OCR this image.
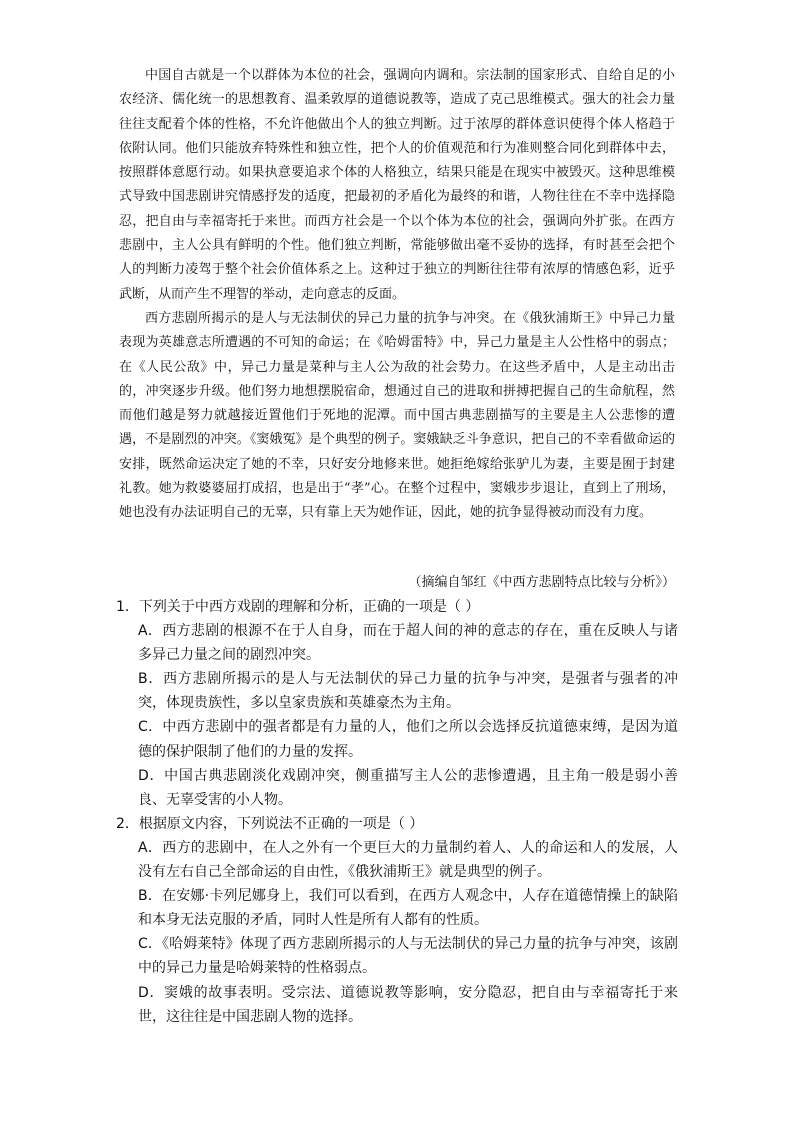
中国自古就是一个以群体为本位的社会，强调向内调和。宗法制的国家形式、自给自足的小农经济、儒化统一的思想教育、温柔敦厚的道德说教等，造成了克己思维模式。强大的社会力量往往支配着个体的性格，不允许他做出个人的独立判断。过于浓厚的群体意识使得个体人格趋于依附认同。他们只能放弃特殊性和独立性，把个人的价值观范和行为准则整合同化到群体中去，按照群体意愿行动。如果执意要追求个体的人格独立，结果只能是在现实中被毁灭。这种思维模式导致中国悲剧讲究情感抒发的适度，把最初的矛盾化为最终的和谐，人物往往在不幸中选择隐忍，把自由与幸福寄托于来世。而西方社会是一个以个体为本位的社会，强调向外扩张。在西方悲剧中，主人公具有鲜明的个性。他们独立判断，常能够做出毫不妥协的选择，有时甚至会把个人的判断力凌驾于整个社会价值体系之上。这种过于独立的判断往往带有浓厚的情感色彩，近乎武断，从而产生不理智的举动，走向意志的反面。

西方悲剧所揭示的是人与无法制伏的异己力量的抗争与冲突。在《俄狄浦斯王》中异己力量表现为英雄意志所遭遇的不可知的命运；在《哈姆雷特》中，异己力量是主人公性格中的弱点；在《人民公敌》中，异己力量是菜种与主人公为敌的社会势力。在这些矛盾中，人是主动出击的，冲突逐步升级。他们努力地想摆脱宿命，想通过自己的进取和拼搏把握自己的生命航程，然而他们越是努力就越接近置他们于死地的泥潭。而中国古典悲剧描写的主要是主人公悲惨的遭遇，不是剧烈的冲突。《窦娥冤》是个典型的例子。窦娥缺乏斗争意识，把自己的不幸看做命运的安排，既然命运决定了她的不幸，只好安分地修来世。她拒绝嫁给张驴儿为妻，主要是囿于封建礼教。她为救婆婆屈打成招，也是出于“孝”心。在整个过程中，窦娥步步退让，直到上了刑场，她也没有办法证明自己的无辜，只有靠上天为她作证，因此，她的抗争显得被动而没有力度。

（摘编自邹红《中西方悲剧特点比较与分析》）

1．下列关于中西方戏剧的理解和分析，正确的一项是（ ）

A．西方悲剧的根源不在于人自身，而在于超人间的神的意志的存在，重在反映人与诸多异己力量之间的剧烈冲突。

B．西方悲剧所揭示的是人与无法制伏的异己力量的抗争与冲突，是强者与强者的冲突，体现贵族性，多以皇家贵族和英雄豪杰为主角。

C．中西方悲剧中的强者都是有力量的人，他们之所以会选择反抗道德束缚，是因为道德的保护限制了他们的力量的发挥。

D．中国古典悲剧淡化戏剧冲突，侧重描写主人公的悲惨遭遇，且主角一般是弱小善良、无辜受害的小人物。

2．根据原文内容，下列说法不正确的一项是（ ）

A．西方的悲剧中，在人之外有一个更巨大的力量制约着人、人的命运和人的发展，人没有左右自己全部命运的自由性，《俄狄浦斯王》就是典型的例子。

B．在安娜·卡列尼娜身上，我们可以看到，在西方人观念中，人存在道德情操上的缺陷和本身无法克服的矛盾，同时人性是所有人都有的性质。

C．《哈姆莱特》体现了西方悲剧所揭示的人与无法制伏的异己力量的抗争与冲突，该剧中的异己力量是哈姆莱特的性格弱点。

D．窦娥的故事表明。受宗法、道德说教等影响，安分隐忍，把自由与幸福寄托于来世，这往往是中国悲剧人物的选择。
